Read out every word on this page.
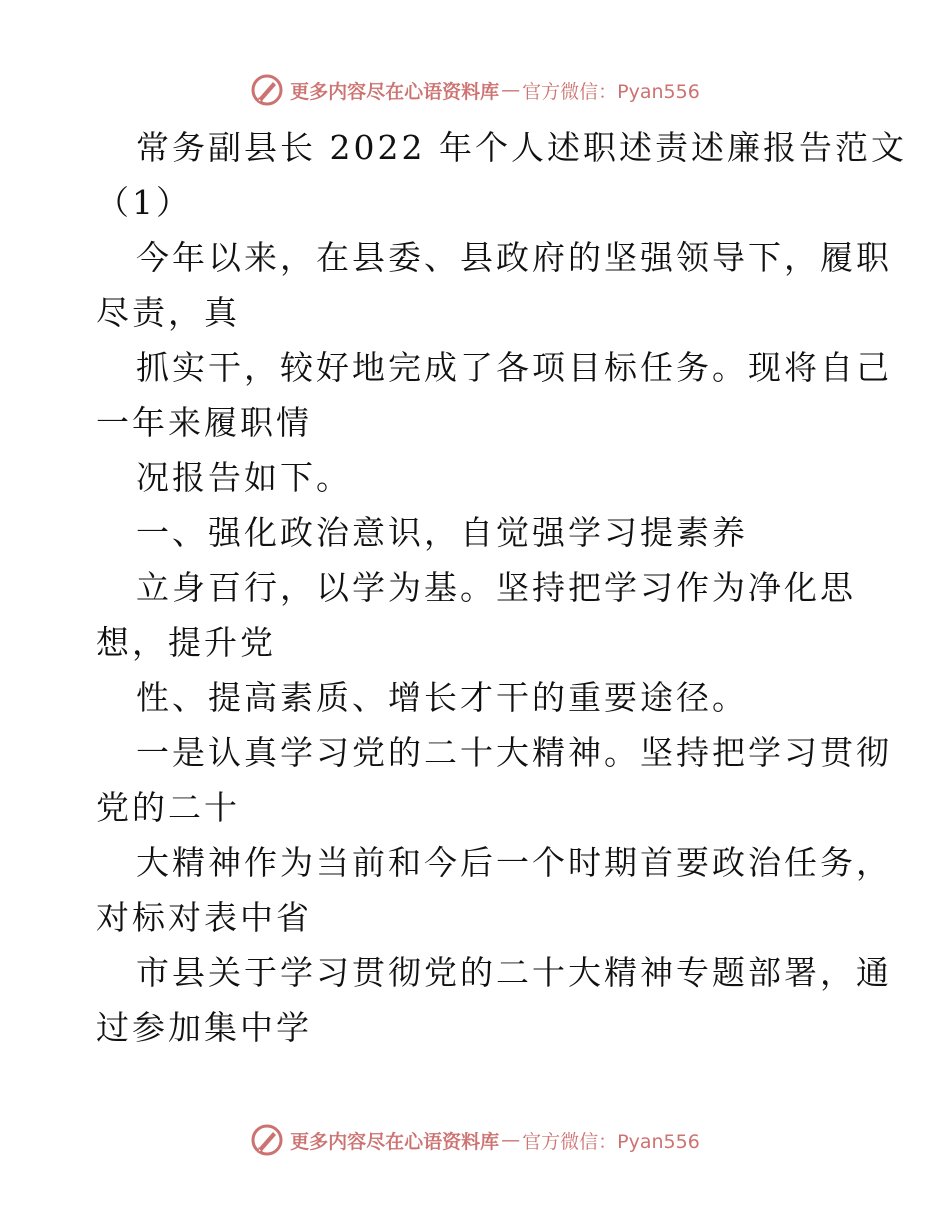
更多内容尽在心语资料库 — 官方微信：Pyan556
常务副县长 2022 年个人述职述责述廉报告范文
（1）
今年以来，在县委、县政府的坚强领导下，履职
尽责，真
抓实干，较好地完成了各项目标任务。现将自己
一年来履职情
况报告如下。
一、强化政治意识，自觉强学习提素养
立身百行，以学为基。坚持把学习作为净化思
想，提升党
性、提高素质、增长才干的重要途径。
一是认真学习党的二十大精神。坚持把学习贯彻
党的二十
大精神作为当前和今后一个时期首要政治任务，
对标对表中省
市县关于学习贯彻党的二十大精神专题部署，通
过参加集中学
更多内容尽在心语资料库 — 官方微信：Pyan556
